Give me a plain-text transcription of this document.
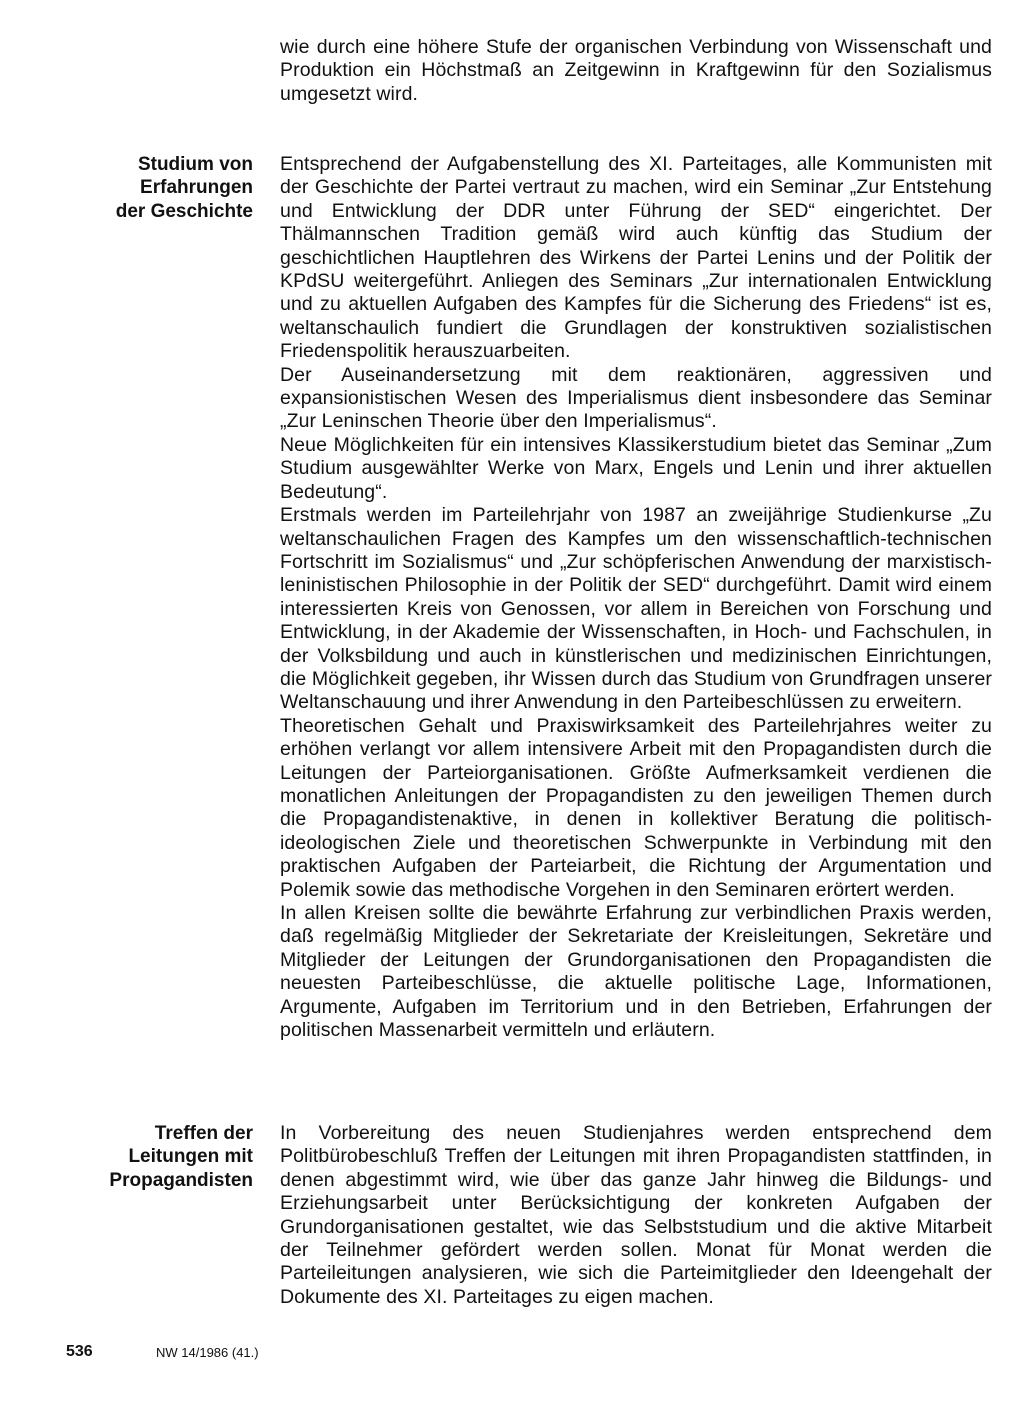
wie durch eine höhere Stufe der organischen Verbindung von Wissenschaft und Produktion ein Höchstmaß an Zeitgewinn in Kraftgewinn für den Sozialismus umgesetzt wird.

Studium von
Erfahrungen
der Geschichte

Entsprechend der Aufgabenstellung des XI. Parteitages, alle Kommunisten mit der Geschichte der Partei vertraut zu machen, wird ein Seminar „Zur Entstehung und Entwicklung der DDR unter Führung der SED“ eingerichtet. Der Thälmannschen Tradition gemäß wird auch künftig das Studium der geschichtlichen Hauptlehren des Wirkens der Partei Lenins und der Politik der KPdSU weitergeführt. Anliegen des Seminars „Zur internationalen Entwicklung und zu aktuellen Aufgaben des Kampfes für die Sicherung des Friedens“ ist es, weltanschaulich fundiert die Grundlagen der konstruktiven sozialistischen Friedenspolitik herauszuarbeiten.

Der Auseinandersetzung mit dem reaktionären, aggressiven und expansionistischen Wesen des Imperialismus dient insbesondere das Seminar „Zur Leninschen Theorie über den Imperialismus“.

Neue Möglichkeiten für ein intensives Klassikerstudium bietet das Seminar „Zum Studium ausgewählter Werke von Marx, Engels und Lenin und ihrer aktuellen Bedeutung“.

Erstmals werden im Parteilehrjahr von 1987 an zweijährige Studienkurse „Zu weltanschaulichen Fragen des Kampfes um den wissenschaftlich-technischen Fortschritt im Sozialismus“ und „Zur schöpferischen Anwendung der marxistisch-leninistischen Philosophie in der Politik der SED“ durchgeführt. Damit wird einem interessierten Kreis von Genossen, vor allem in Bereichen von Forschung und Entwicklung, in der Akademie der Wissenschaften, in Hoch- und Fachschulen, in der Volksbildung und auch in künstlerischen und medizinischen Einrichtungen, die Möglichkeit gegeben, ihr Wissen durch das Studium von Grundfragen unserer Weltanschauung und ihrer Anwendung in den Parteibeschlüssen zu erweitern.

Theoretischen Gehalt und Praxiswirksamkeit des Parteilehrjahres weiter zu erhöhen verlangt vor allem intensivere Arbeit mit den Propagandisten durch die Leitungen der Parteiorganisationen. Größte Aufmerksamkeit verdienen die monatlichen Anleitungen der Propagandisten zu den jeweiligen Themen durch die Propagandistenaktive, in denen in kollektiver Beratung die politisch-ideologischen Ziele und theoretischen Schwerpunkte in Verbindung mit den praktischen Aufgaben der Parteiarbeit, die Richtung der Argumentation und Polemik sowie das methodische Vorgehen in den Seminaren erörtert werden.

In allen Kreisen sollte die bewährte Erfahrung zur verbindlichen Praxis werden, daß regelmäßig Mitglieder der Sekretariate der Kreisleitungen, Sekretäre und Mitglieder der Leitungen der Grundorganisationen den Propagandisten die neuesten Parteibeschlüsse, die aktuelle politische Lage, Informationen, Argumente, Aufgaben im Territorium und in den Betrieben, Erfahrungen der politischen Massenarbeit vermitteln und erläutern.

Treffen der
Leitungen mit
Propagandisten

In Vorbereitung des neuen Studienjahres werden entsprechend dem Politbürobeschluß Treffen der Leitungen mit ihren Propagandisten stattfinden, in denen abgestimmt wird, wie über das ganze Jahr hinweg die Bildungs- und Erziehungsarbeit unter Berücksichtigung der konkreten Aufgaben der Grundorganisationen gestaltet, wie das Selbststudium und die aktive Mitarbeit der Teilnehmer gefördert werden sollen. Monat für Monat werden die Parteileitungen analysieren, wie sich die Parteimitglieder den Ideengehalt der Dokumente des XI. Parteitages zu eigen machen.

536	NW 14/1986 (41.)
